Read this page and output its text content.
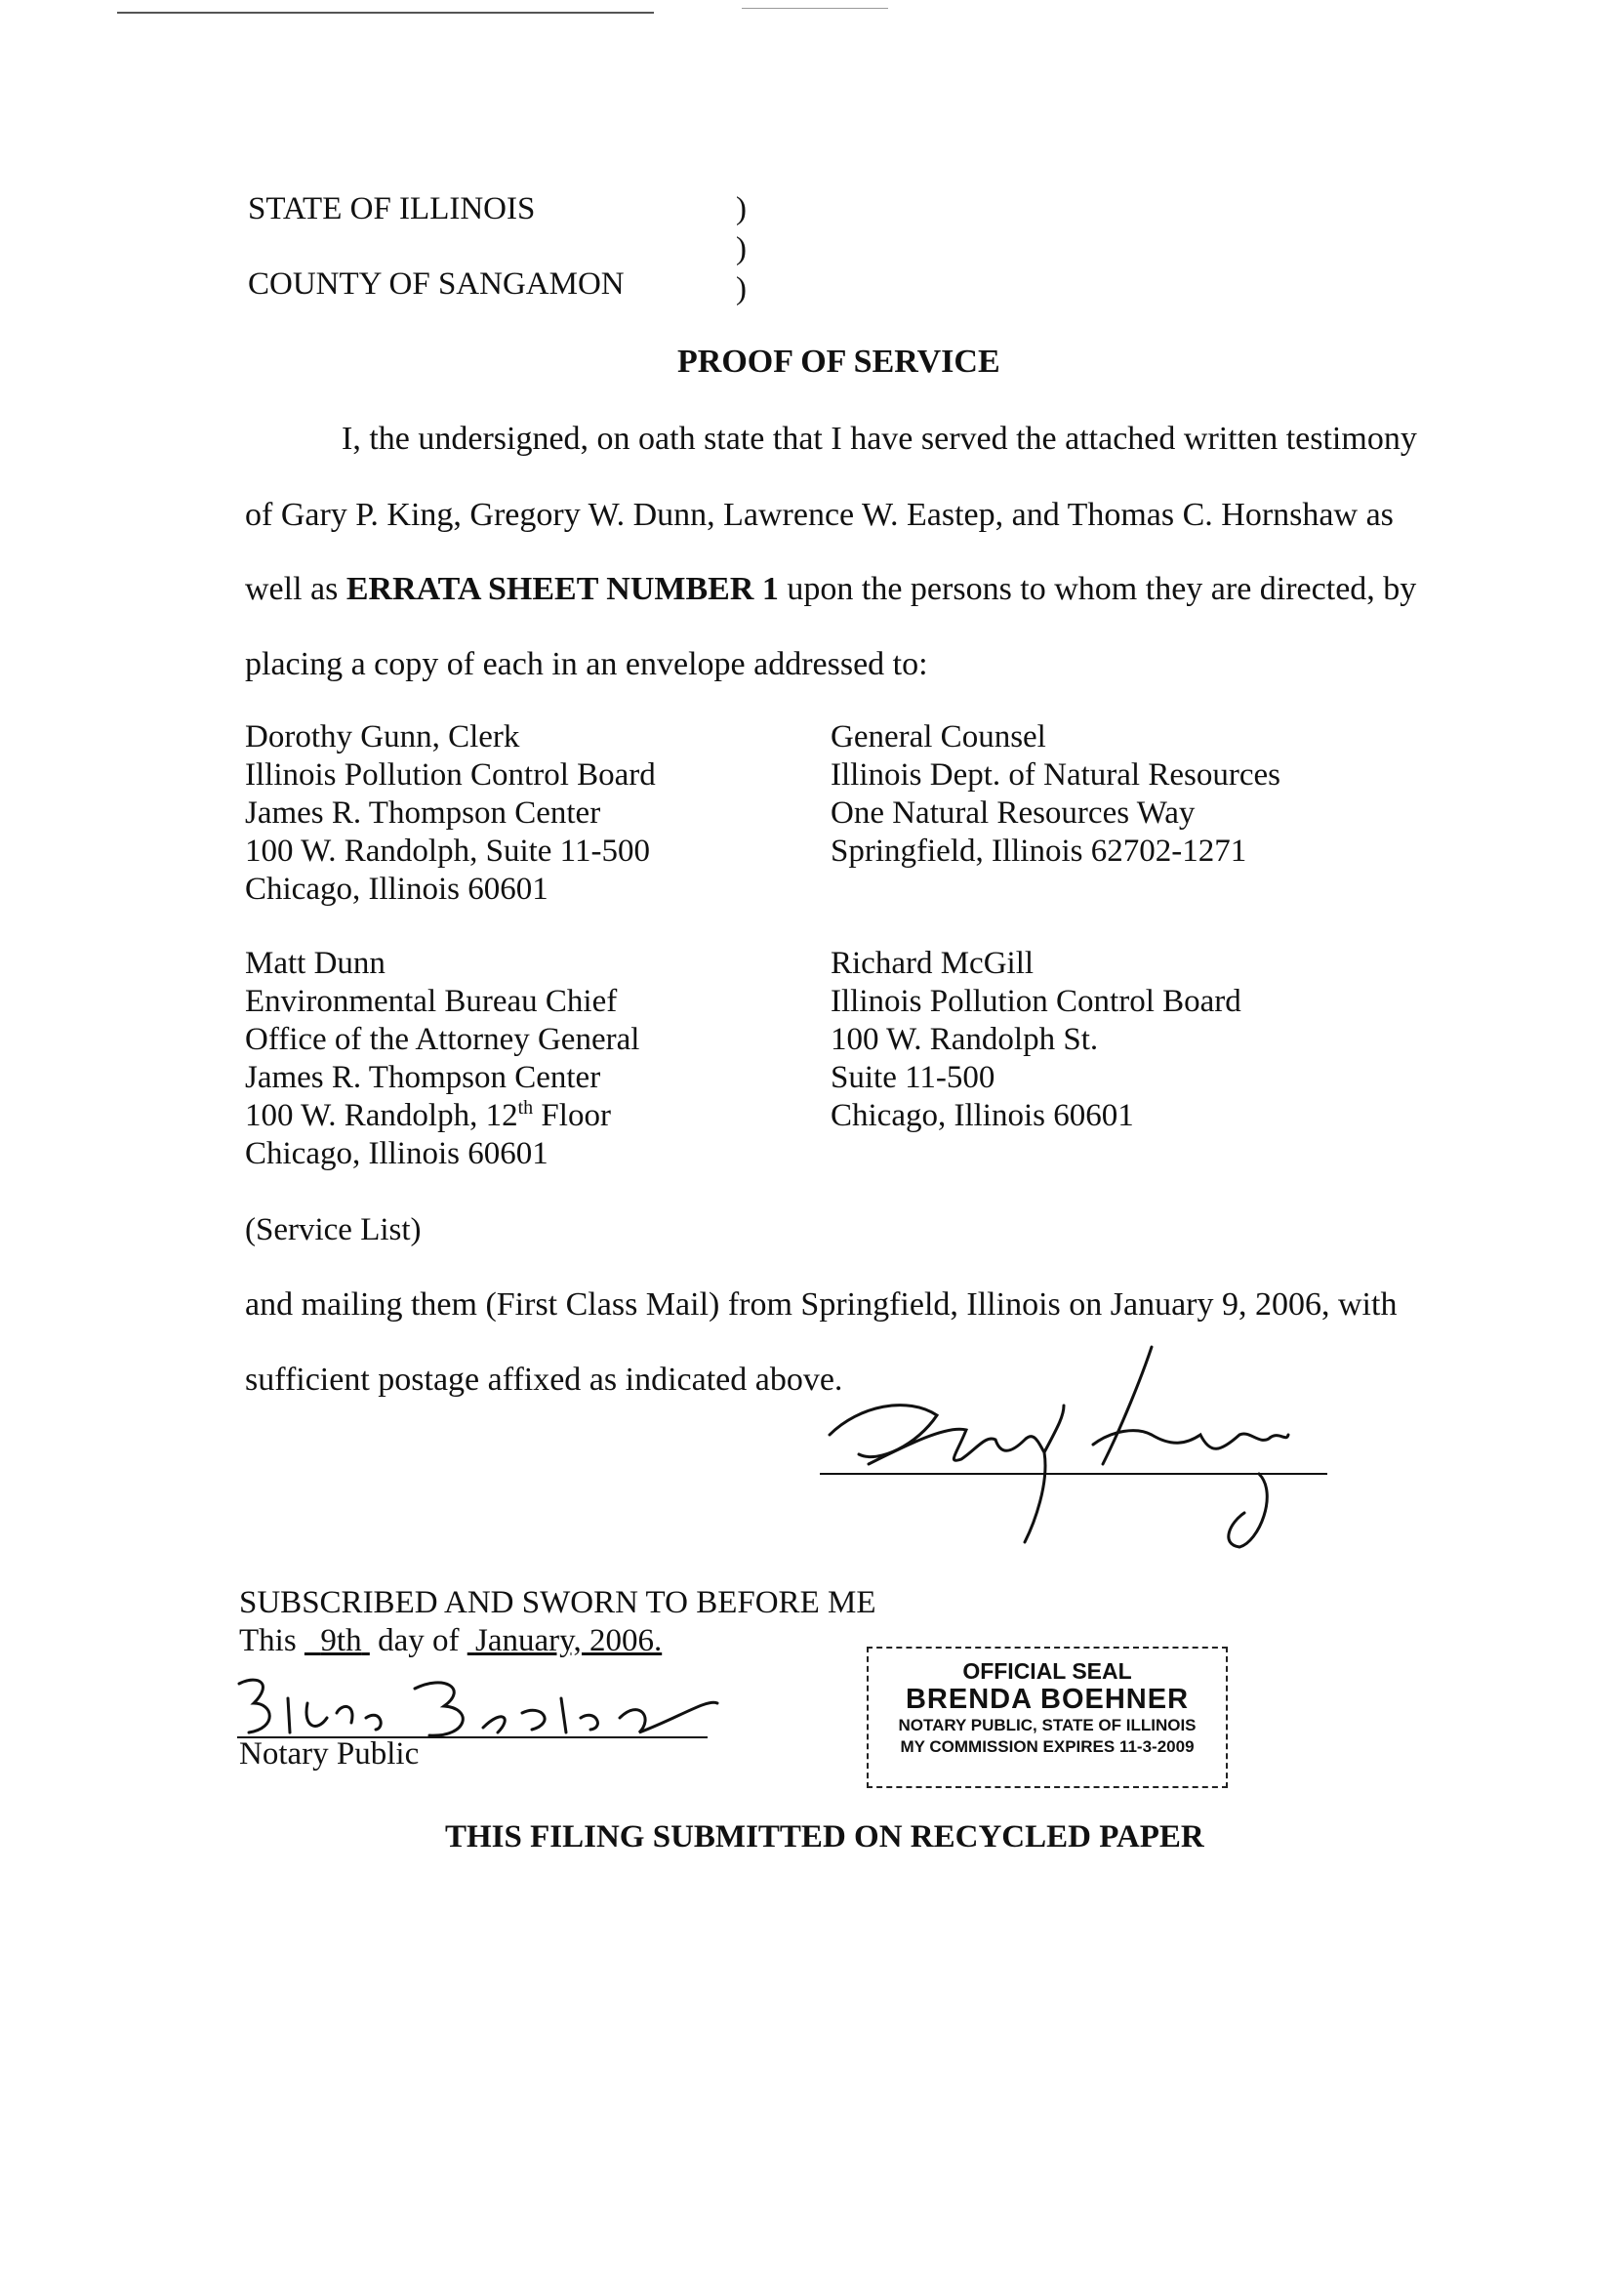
STATE OF ILLINOIS
COUNTY OF SANGAMON
)
)
)
PROOF OF SERVICE
I, the undersigned, on oath state that I have served the attached written testimony
of Gary P. King, Gregory W. Dunn, Lawrence W. Eastep, and Thomas C. Hornshaw as
well as ERRATA SHEET NUMBER 1 upon the persons to whom they are directed, by
placing a copy of each in an envelope addressed to:
Dorothy Gunn, Clerk
Illinois Pollution Control Board
James R. Thompson Center
100 W. Randolph, Suite 11-500
Chicago, Illinois 60601
General Counsel
Illinois Dept. of Natural Resources
One Natural Resources Way
Springfield, Illinois 62702-1271
Matt Dunn
Environmental Bureau Chief
Office of the Attorney General
James R. Thompson Center
100 W. Randolph, 12th Floor
Chicago, Illinois 60601
Richard McGill
Illinois Pollution Control Board
100 W. Randolph St.
Suite 11-500
Chicago, Illinois 60601
(Service List)
and mailing them (First Class Mail) from Springfield, Illinois on January 9, 2006, with
sufficient postage affixed as indicated above.
SUBSCRIBED AND SWORN TO BEFORE ME
This 9th day of January, 2006.
Notary Public
OFFICIAL SEAL
BRENDA BOEHNER
NOTARY PUBLIC, STATE OF ILLINOIS
MY COMMISSION EXPIRES 11-3-2009
THIS FILING SUBMITTED ON RECYCLED PAPER
